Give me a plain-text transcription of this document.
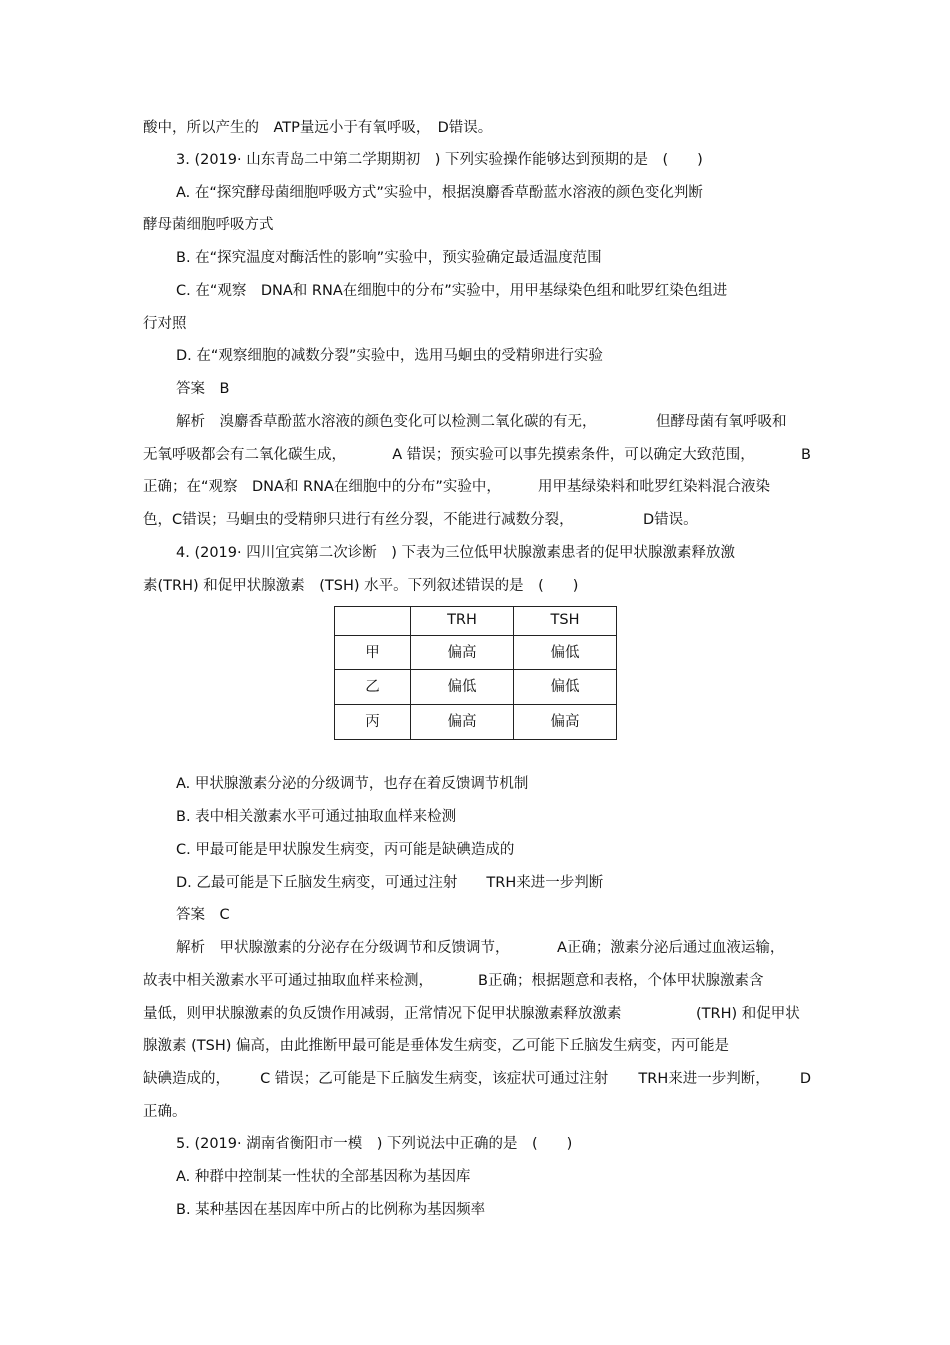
酸中，所以产生的　ATP量远小于有氧呼吸，　D错误。
3. (2019· 山东青岛二中第二学期期初　) 下列实验操作能够达到预期的是　(　　)
A. 在“探究酵母菌细胞呼吸方式”实验中，根据溴麝香草酚蓝水溶液的颜色变化判断
酵母菌细胞呼吸方式
B. 在“探究温度对酶活性的影响”实验中，预实验确定最适温度范围
C. 在“观察　DNA和 RNA在细胞中的分布”实验中，用甲基绿染色组和吡罗红染色组进
行对照
D. 在“观察细胞的减数分裂”实验中，选用马蛔虫的受精卵进行实验
答案　B
解析　溴麝香草酚蓝水溶液的颜色变化可以检测二氧化碳的有无，	但酵母菌有氧呼吸和
无氧呼吸都会有二氧化碳生成，	A 错误；预实验可以事先摸索条件，可以确定大致范围，	B
正确；在“观察　DNA和 RNA在细胞中的分布”实验中，	用甲基绿染料和吡罗红染料混合液染
色，C错误；马蛔虫的受精卵只进行有丝分裂，不能进行减数分裂，	D错误。
4. (2019· 四川宜宾第二次诊断　) 下表为三位低甲状腺激素患者的促甲状腺激素释放激
素(TRH) 和促甲状腺激素　(TSH) 水平。下列叙述错误的是　(　　)
	TRH	TSH
甲	偏高	偏低
乙	偏低	偏低
丙	偏高	偏高
A. 甲状腺激素分泌的分级调节，也存在着反馈调节机制
B. 表中相关激素水平可通过抽取血样来检测
C. 甲最可能是甲状腺发生病变，丙可能是缺碘造成的
D. 乙最可能是下丘脑发生病变，可通过注射　　TRH来进一步判断
答案　C
解析　甲状腺激素的分泌存在分级调节和反馈调节，	A正确；激素分泌后通过血液运输，
故表中相关激素水平可通过抽取血样来检测，	B正确；根据题意和表格，个体甲状腺激素含
量低，则甲状腺激素的负反馈作用减弱，正常情况下促甲状腺激素释放激素	(TRH) 和促甲状
腺激素 (TSH) 偏高，由此推断甲最可能是垂体发生病变，乙可能下丘脑发生病变，丙可能是
缺碘造成的， C 错误；乙可能是下丘脑发生病变，该症状可通过注射 TRH来进一步判断， D
正确。
5. (2019· 湖南省衡阳市一模　) 下列说法中正确的是　(　　)
A. 种群中控制某一性状的全部基因称为基因库
B. 某种基因在基因库中所占的比例称为基因频率
